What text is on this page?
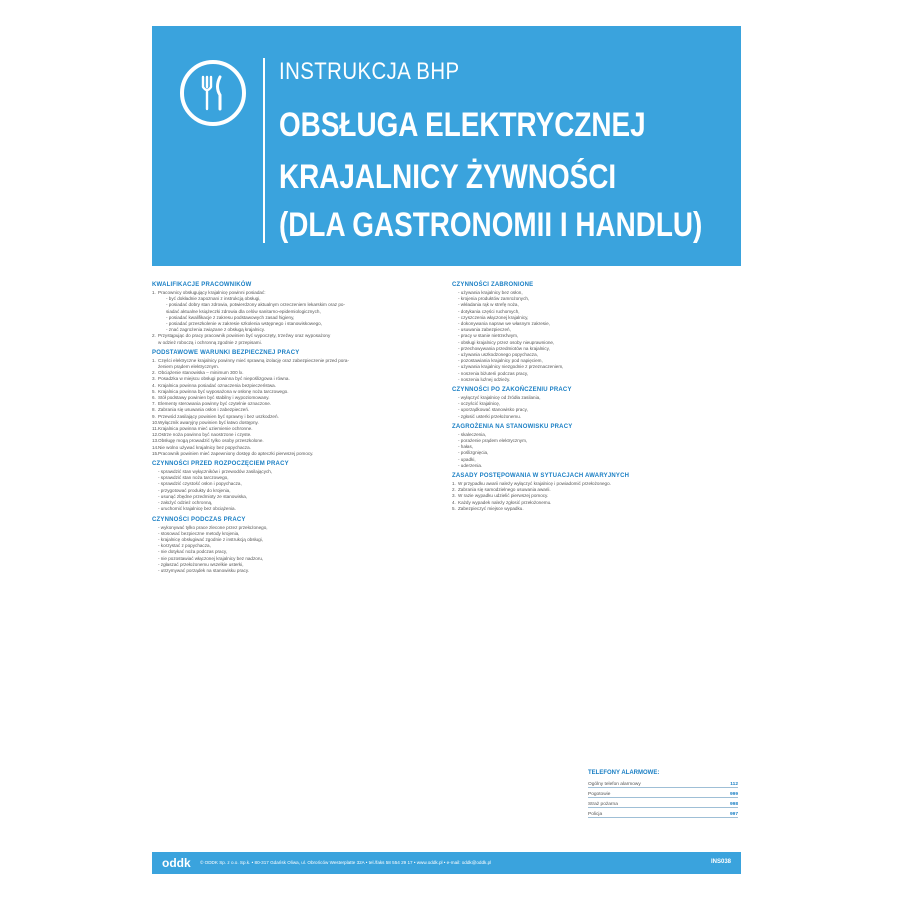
INSTRUKCJA BHP
OBSŁUGA ELEKTRYCZNEJ
KRAJALNICY ŻYWNOŚCI
(DLA GASTRONOMII I HANDLU)
KWALIFIKACJE PRACOWNIKÓW
1. Pracownicy obsługujący krajalnicę powinni posiadać:
- być dokładnie zapoznani z instrukcją obsługi,
- posiadać dobry stan zdrowia, potwierdzony aktualnym orzeczeniem lekarskim oraz po-
siadać aktualne książeczki zdrowia dla celów sanitarno-epidemiologicznych,
- posiadać kwalifikacje z zakresu podstawowych zasad higieny,
- posiadać przeszkolenie w zakresie szkolenia wstępnego i stanowiskowego,
- znać zagrożenia związane z obsługą krajalnicy.
2. Przystąpując do pracy pracownik powinien być wypoczęty, trzeźwy oraz wyposażony
w odzież roboczą i ochronną zgodnie z przepisami.
PODSTAWOWE WARUNKI BEZPIECZNEJ PRACY
1. Części elektryczne krajalnicy powinny mieć sprawną izolację oraz zabezpieczenie przed pora-
żeniem prądem elektrycznym.
2. Obciążenie stanowiska – minimum 300 lx.
3. Posadzka w miejscu obsługi powinna być niepoślizgowa i równa.
4. Krajalnica powinna posiadać oznaczenia bezpieczeństwa.
5. Krajalnica powinna być wyposażona w osłonę noża tarczowego.
6. Stół podstawy powinien być stabilny i wypoziomowany.
7. Elementy sterowania powinny być czytelnie oznaczone.
8. Zabrania się usuwania osłon i zabezpieczeń.
9. Przewód zasilający powinien być sprawny i bez uszkodzeń.
10. Wyłącznik awaryjny powinien być łatwo dostępny.
11. Krajalnica powinna mieć uziemienie ochronne.
12. Ostrze noża powinno być naostrzone i czyste.
13. Obsługę mogą prowadzić tylko osoby przeszkolone.
14. Nie wolno używać krajalnicy bez popychacza.
15. Pracownik powinien mieć zapewniony dostęp do apteczki pierwszej pomocy.
CZYNNOŚCI PRZED ROZPOCZĘCIEM PRACY
- sprawdzić stan wyłączników i przewodów zasilających,
- sprawdzić stan noża tarczowego,
- sprawdzić czystość osłon i popychacza,
- przygotować produkty do krojenia,
- usunąć zbędne przedmioty ze stanowiska,
- założyć odzież ochronną,
- uruchomić krajalnicę bez obciążenia.
CZYNNOŚCI PODCZAS PRACY
- wykonywać tylko prace zlecone przez przełożonego,
- stosować bezpieczne metody krojenia,
- krajalnicę obsługiwać zgodnie z instrukcją obsługi,
- korzystać z popychacza,
- nie dotykać noża podczas pracy,
- nie pozostawiać włączonej krajalnicy bez nadzoru,
- zgłaszać przełożonemu wszelkie usterki,
- utrzymywać porządek na stanowisku pracy.
CZYNNOŚCI ZABRONIONE
- używania krajalnicy bez osłon,
- krojenia produktów zamrożonych,
- wkładania rąk w strefę noża,
- dotykania części ruchomych,
- czyszczenia włączonej krajalnicy,
- dokonywania napraw we własnym zakresie,
- usuwania zabezpieczeń,
- pracy w stanie nietrzeźwym,
- obsługi krajalnicy przez osoby nieuprawnione,
- przechowywania przedmiotów na krajalnicy,
- używania uszkodzonego popychacza,
- pozostawiania krajalnicy pod napięciem,
- używania krajalnicy niezgodnie z przeznaczeniem,
- noszenia biżuterii podczas pracy,
- noszenia luźnej odzieży.
CZYNNOŚCI PO ZAKOŃCZENIU PRACY
- wyłączyć krajalnicę od źródła zasilania,
- oczyścić krajalnicę,
- uporządkować stanowisko pracy,
- zgłosić usterki przełożonemu.
ZAGROŻENIA NA STANOWISKU PRACY
- skaleczenia,
- porażenie prądem elektrycznym,
- hałas,
- poślizgnięcia,
- upadki,
- uderzenia.
ZASADY POSTĘPOWANIA W SYTUACJACH AWARYJNYCH
1. W przypadku awarii należy wyłączyć krajalnicę i powiadomić przełożonego.
2. Zabrania się samodzielnego usuwania awarii.
3. W razie wypadku udzielić pierwszej pomocy.
4. Każdy wypadek należy zgłosić przełożonemu.
5. Zabezpieczyć miejsce wypadku.
TELEFONY ALARMOWE:
Ogólny telefon alarmowy	112
Pogotowie	999
Straż pożarna	998
Policja	997
oddk © ODDK Sp. z o.o. Sp.k. • 80-317 Gdańsk Oliwa, ul. Obrońców Westerplatte 32A • tel./faks 58 554 29 17 • www.oddk.pl • e-mail: oddk@oddk.pl	INS038
